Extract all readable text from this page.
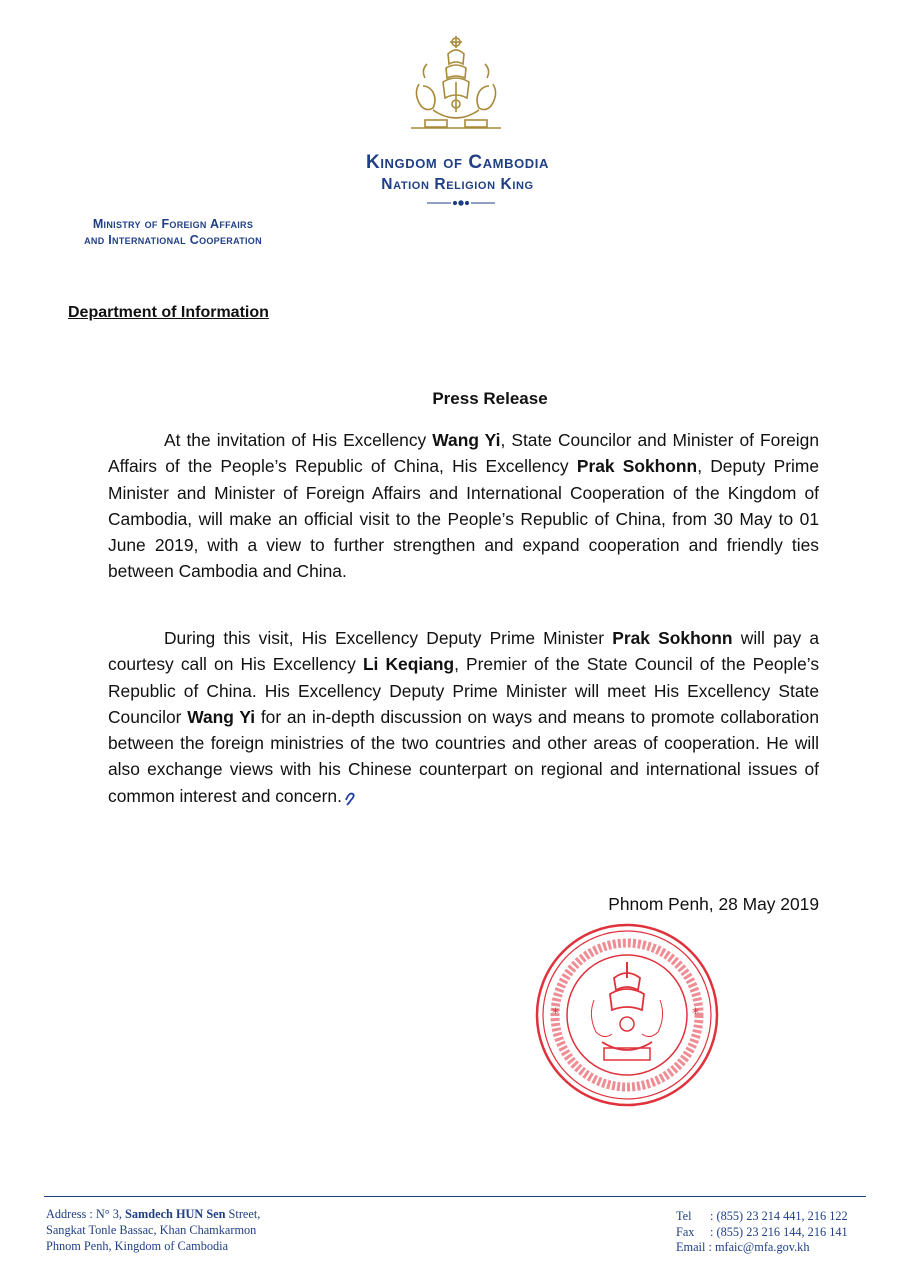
Kingdom of Cambodia
Nation Religion King
Ministry of Foreign Affairs
and International Cooperation
Department of Information
Press Release
At the invitation of His Excellency Wang Yi, State Councilor and Minister of Foreign Affairs of the People’s Republic of China, His Excellency Prak Sokhonn, Deputy Prime Minister and Minister of Foreign Affairs and International Cooperation of the Kingdom of Cambodia, will make an official visit to the People’s Republic of China, from 30 May to 01 June 2019, with a view to further strengthen and expand cooperation and friendly ties between Cambodia and China.
During this visit, His Excellency Deputy Prime Minister Prak Sokhonn will pay a courtesy call on His Excellency Li Keqiang, Premier of the State Council of the People’s Republic of China. His Excellency Deputy Prime Minister will meet His Excellency State Councilor Wang Yi for an in-depth discussion on ways and means to promote collaboration between the foreign ministries of the two countries and other areas of cooperation. He will also exchange views with his Chinese counterpart on regional and international issues of common interest and concern.
Phnom Penh, 28 May 2019
*	*
Address : N° 3, Samdech HUN Sen Street,
Sangkat Tonle Bassac, Khan Chamkarmon
Phnom Penh, Kingdom of Cambodia
Tel : (855) 23 214 441, 216 122
Fax : (855) 23 216 144, 216 141
Email : mfaic@mfa.gov.kh
